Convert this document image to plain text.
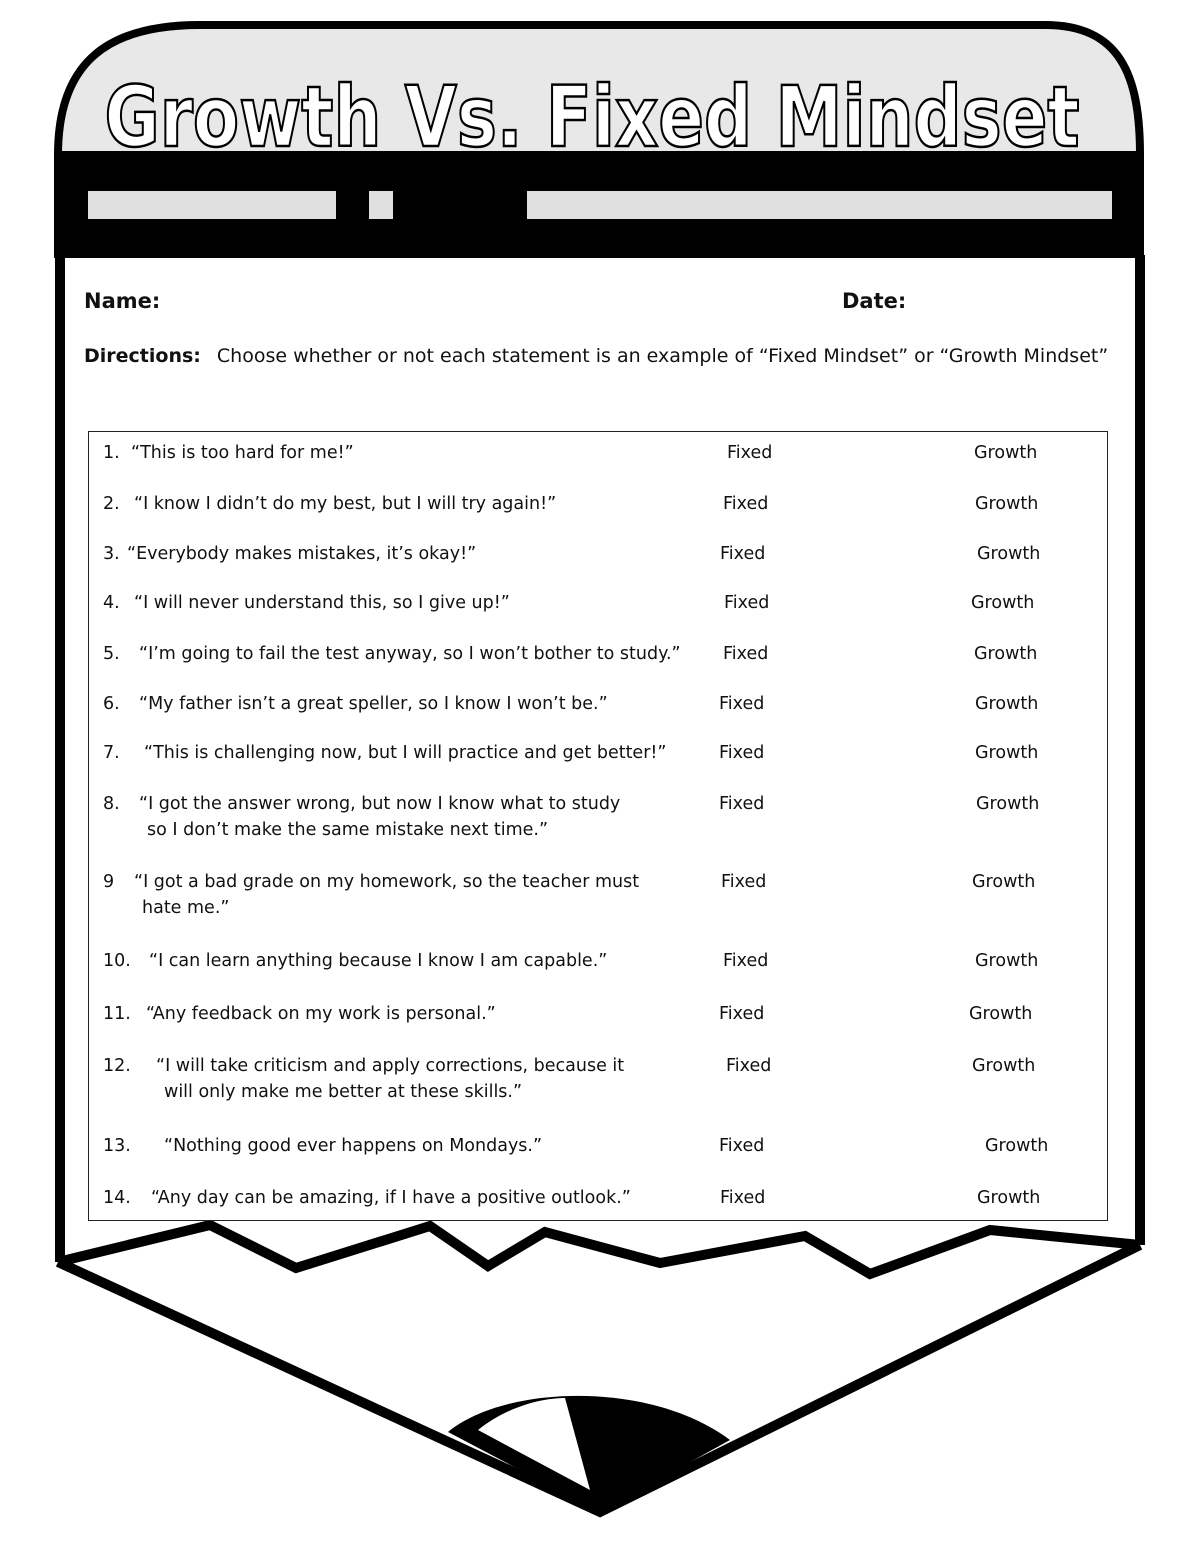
Growth Vs. Fixed Mindset
Name:	Date:
Directions: Choose whether or not each statement is an example of “Fixed Mindset” or “Growth Mindset”
1. “This is too hard for me!”	Fixed	Growth
2. “I know I didn’t do my best, but I will try again!”	Fixed	Growth
3. “Everybody makes mistakes, it’s okay!”	Fixed	Growth
4. “I will never understand this, so I give up!”	Fixed	Growth
5. “I’m going to fail the test anyway, so I won’t bother to study.” Fixed	Growth
6. “My father isn’t a great speller, so I know I won’t be.”	Fixed	Growth
7. “This is challenging now, but I will practice and get better!”	Fixed	Growth
8. “I got the answer wrong, but now I know what to study
so I don’t make the same mistake next time.”
Fixed	Growth
9 “I got a bad grade on my homework, so the teacher must
hate me.”
Fixed	Growth
10. “I can learn anything because I know I am capable.”	Fixed	Growth
11. “Any feedback on my work is personal.”	Fixed	Growth
12. “I will take criticism and apply corrections, because it
will only make me better at these skills.”
Fixed	Growth
13. “Nothing good ever happens on Mondays.”	Fixed	Growth
14. “Any day can be amazing, if I have a positive outlook.”	Fixed	Growth
